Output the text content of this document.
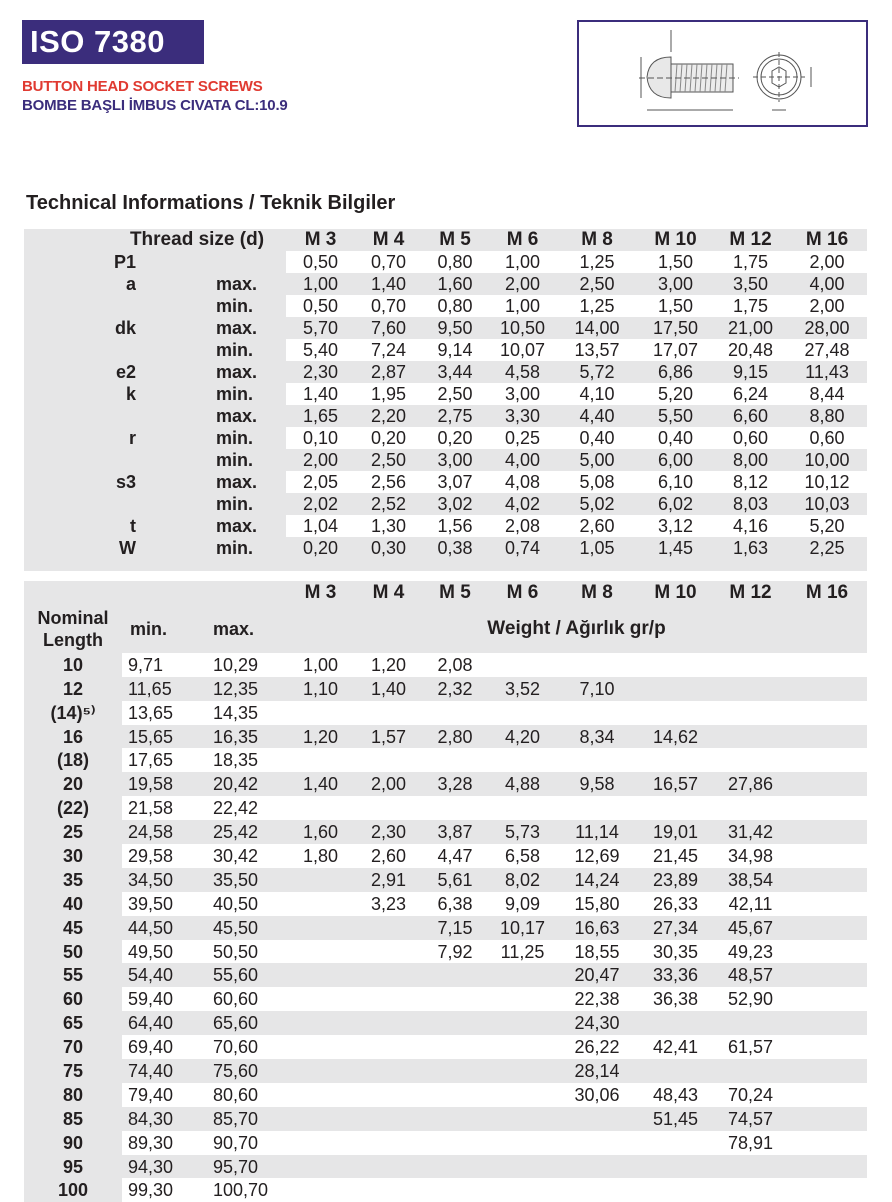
ISO 7380
BUTTON HEAD SOCKET SCREWS
BOMBE BAŞLI İMBUS CIVATA CL:10.9
Technical Informations / Teknik Bilgiler
Thread size (d)		M 3	M 4	M 5	M 6	M 8	M 10	M 12	M 16
P1		0,50	0,70	0,80	1,00	1,25	1,50	1,75	2,00
a	max.	1,00	1,40	1,60	2,00	2,50	3,00	3,50	4,00
	min.	0,50	0,70	0,80	1,00	1,25	1,50	1,75	2,00
dk	max.	5,70	7,60	9,50	10,50	14,00	17,50	21,00	28,00
	min.	5,40	7,24	9,14	10,07	13,57	17,07	20,48	27,48
e2	max.	2,30	2,87	3,44	4,58	5,72	6,86	9,15	11,43
k	min.	1,40	1,95	2,50	3,00	4,10	5,20	6,24	8,44
	max.	1,65	2,20	2,75	3,30	4,40	5,50	6,60	8,80
r	min.	0,10	0,20	0,20	0,25	0,40	0,40	0,60	0,60
	min.	2,00	2,50	3,00	4,00	5,00	6,00	8,00	10,00
s3	max.	2,05	2,56	3,07	4,08	5,08	6,10	8,12	10,12
	min.	2,02	2,52	3,02	4,02	5,02	6,02	8,03	10,03
t	max.	1,04	1,30	1,56	2,08	2,60	3,12	4,16	5,20
W	min.	0,20	0,30	0,38	0,74	1,05	1,45	1,63	2,25

			M 3	M 4	M 5	M 6	M 8	M 10	M 12	M 16
Nominal Length	min.	max.	Weight / Ağırlık gr/p							
10	9,71	10,29	1,00	1,20	2,08					
12	11,65	12,35	1,10	1,40	2,32	3,52	7,10			
(14)⁵⁾	13,65	14,35								
16	15,65	16,35	1,20	1,57	2,80	4,20	8,34	14,62		
(18)	17,65	18,35								
20	19,58	20,42	1,40	2,00	3,28	4,88	9,58	16,57	27,86	
(22)	21,58	22,42								
25	24,58	25,42	1,60	2,30	3,87	5,73	11,14	19,01	31,42	
30	29,58	30,42	1,80	2,60	4,47	6,58	12,69	21,45	34,98	
35	34,50	35,50		2,91	5,61	8,02	14,24	23,89	38,54	
40	39,50	40,50		3,23	6,38	9,09	15,80	26,33	42,11	
45	44,50	45,50			7,15	10,17	16,63	27,34	45,67	
50	49,50	50,50			7,92	11,25	18,55	30,35	49,23	
55	54,40	55,60					20,47	33,36	48,57	
60	59,40	60,60					22,38	36,38	52,90	
65	64,40	65,60					24,30			
70	69,40	70,60					26,22	42,41	61,57	
75	74,40	75,60					28,14			
80	79,40	80,60					30,06	48,43	70,24	
85	84,30	85,70						51,45	74,57	
90	89,30	90,70							78,91	
95	94,30	95,70								
100	99,30	100,70								
